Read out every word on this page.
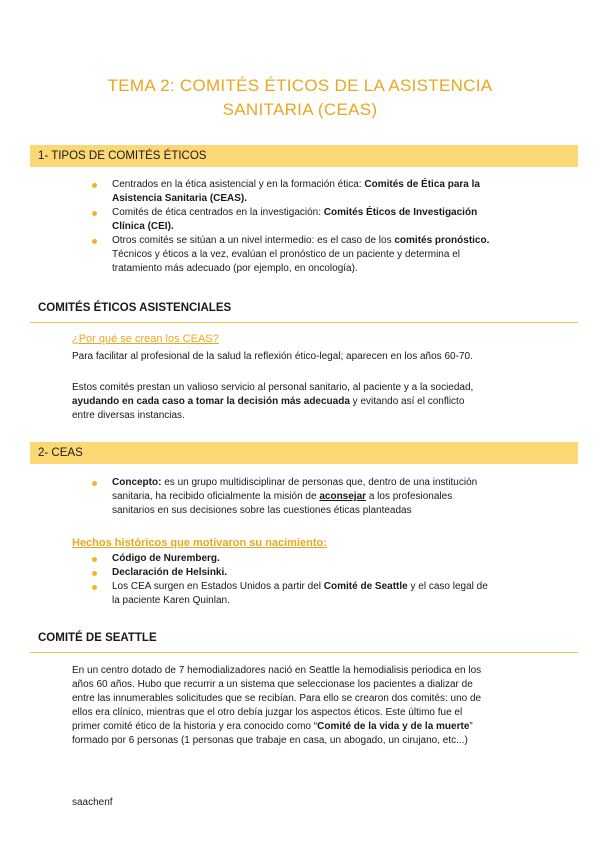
TEMA 2: COMITÉS ÉTICOS DE LA ASISTENCIA
SANITARIA (CEAS)
1- TIPOS DE COMITÉS ÉTICOS
Centrados en la ética asistencial y en la formación ética: Comités de Ética para la
Asistencia Sanitaria (CEAS).
Comités de ética centrados en la investigación: Comités Éticos de Investigación
Clínica (CEI).
Otros comités se sitúan a un nivel intermedio: es el caso de los comités pronóstico.
Técnicos y éticos a la vez, evalúan el pronóstico de un paciente y determina el
tratamiento más adecuado (por ejemplo, en oncología).
COMITÉS ÉTICOS ASISTENCIALES
¿Por qué se crean los CEAS?
Para facilitar al profesional de la salud la reflexión ético-legal; aparecen en los años 60-70.
Estos comités prestan un valioso servicio al personal sanitario, al paciente y a la sociedad,
ayudando en cada caso a tomar la decisión más adecuada y evitando así el conflicto
entre diversas instancias.
2- CEAS
Concepto: es un grupo multidisciplinar de personas que, dentro de una institución
sanitaria, ha recibido oficialmente la misión de aconsejar a los profesionales
sanitarios en sus decisiones sobre las cuestiones éticas planteadas
Hechos históricos que motivaron su nacimiento:
Código de Nuremberg.
Declaración de Helsinki.
Los CEA surgen en Estados Unidos a partir del Comité de Seattle y el caso legal de
la paciente Karen Quinlan.
COMITÉ DE SEATTLE
En un centro dotado de 7 hemodializadores nació en Seattle la hemodialisis periodica en los
años 60 años. Hubo que recurrir a un sistema que seleccionase los pacientes a dializar de
entre las innumerables solicitudes que se recibían. Para ello se crearon dos comités: uno de
ellos era clínico, mientras que el otro debía juzgar los aspectos éticos. Este último fue el
primer comité ético de la historia y era conocido como “Comité de la vida y de la muerte”
formado por 6 personas (1 personas que trabaje en casa, un abogado, un cirujano, etc...)
saachenf
